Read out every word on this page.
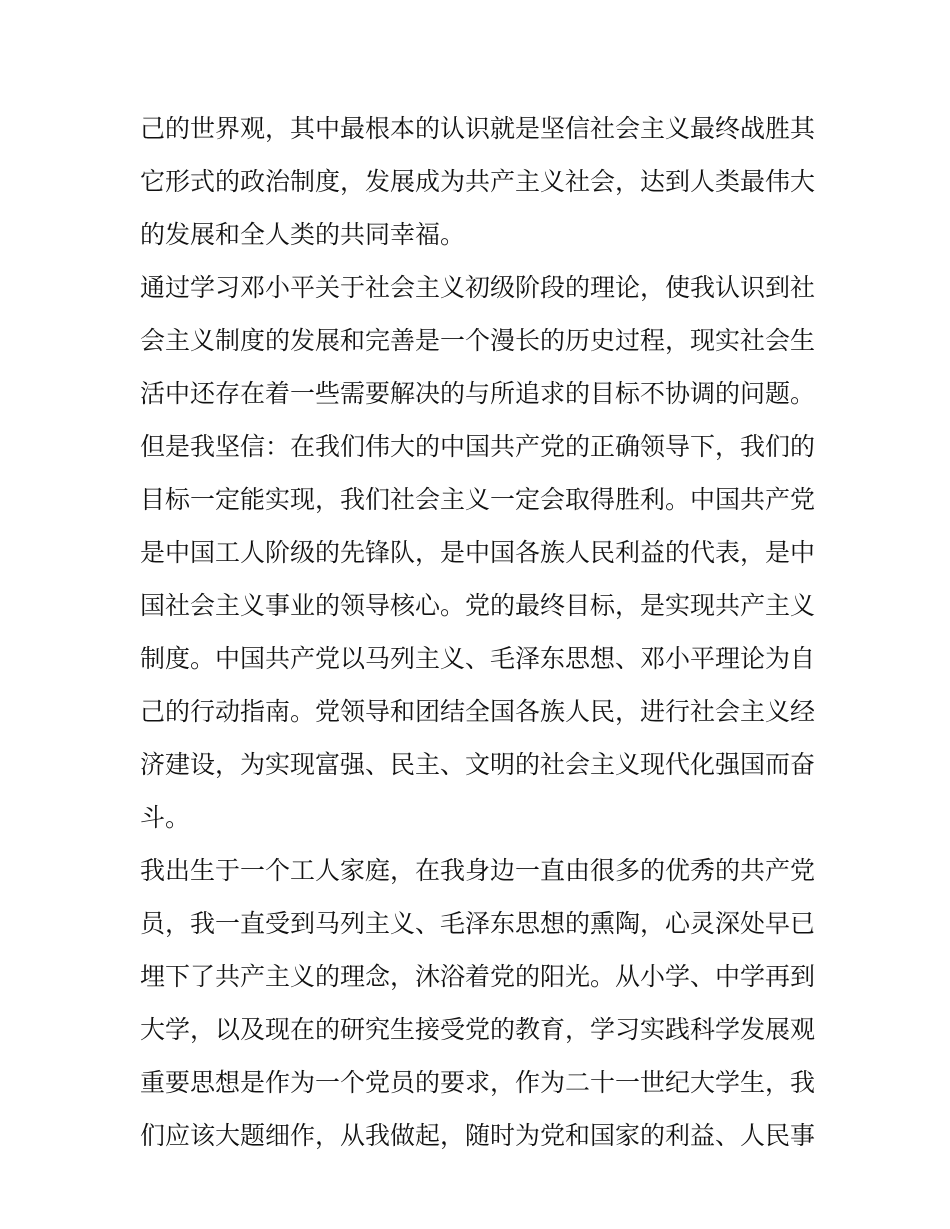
己的世界观，其中最根本的认识就是坚信社会主义最终战胜其

它形式的政治制度，发展成为共产主义社会，达到人类最伟大

的发展和全人类的共同幸福。

通过学习邓小平关于社会主义初级阶段的理论，使我认识到社

会主义制度的发展和完善是一个漫长的历史过程，现实社会生

活中还存在着一些需要解决的与所追求的目标不协调的问题。

但是我坚信：在我们伟大的中国共产党的正确领导下，我们的

目标一定能实现，我们社会主义一定会取得胜利。中国共产党

是中国工人阶级的先锋队，是中国各族人民利益的代表，是中

国社会主义事业的领导核心。党的最终目标，是实现共产主义

制度。中国共产党以马列主义、毛泽东思想、邓小平理论为自

己的行动指南。党领导和团结全国各族人民，进行社会主义经

济建设，为实现富强、民主、文明的社会主义现代化强国而奋

斗。

我出生于一个工人家庭，在我身边一直由很多的优秀的共产党

员，我一直受到马列主义、毛泽东思想的熏陶，心灵深处早已

埋下了共产主义的理念，沐浴着党的阳光。从小学、中学再到

大学，以及现在的研究生接受党的教育，学习实践科学发展观

重要思想是作为一个党员的要求，作为二十一世纪大学生，我

们应该大题细作，从我做起，随时为党和国家的利益、人民事
